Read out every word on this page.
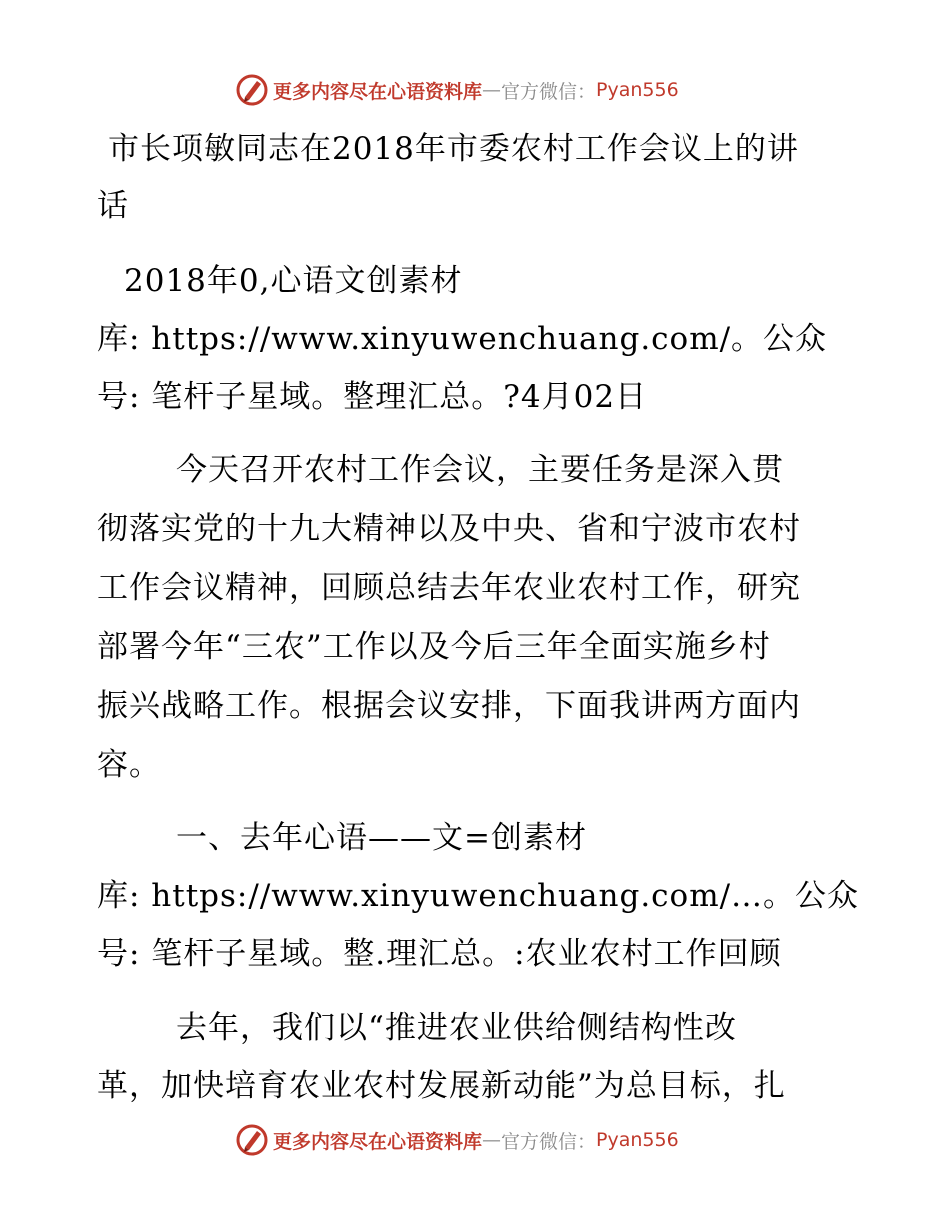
更多内容尽在心语资料库 — 官方微信： Pyan556
市长项敏同志在2018年市委农村工作会议上的讲
话
2018年0,心语文创素材
库: https://www.xinyuwenchuang.com/。公众
号: 笔杆子星域。整理汇总。?4月02日
今天召开农村工作会议，主要任务是深入贯
彻落实党的十九大精神以及中央、省和宁波市农村
工作会议精神，回顾总结去年农业农村工作，研究
部署今年“三农”工作以及今后三年全面实施乡村
振兴战略工作。根据会议安排，下面我讲两方面内
容。
一、去年心语——文=创素材
库: https://www.xinyuwenchuang.com/…。公众
号: 笔杆子星域。整.理汇总。:农业农村工作回顾
去年，我们以“推进农业供给侧结构性改
革，加快培育农业农村发展新动能”为总目标，扎
更多内容尽在心语资料库 — 官方微信： Pyan556
